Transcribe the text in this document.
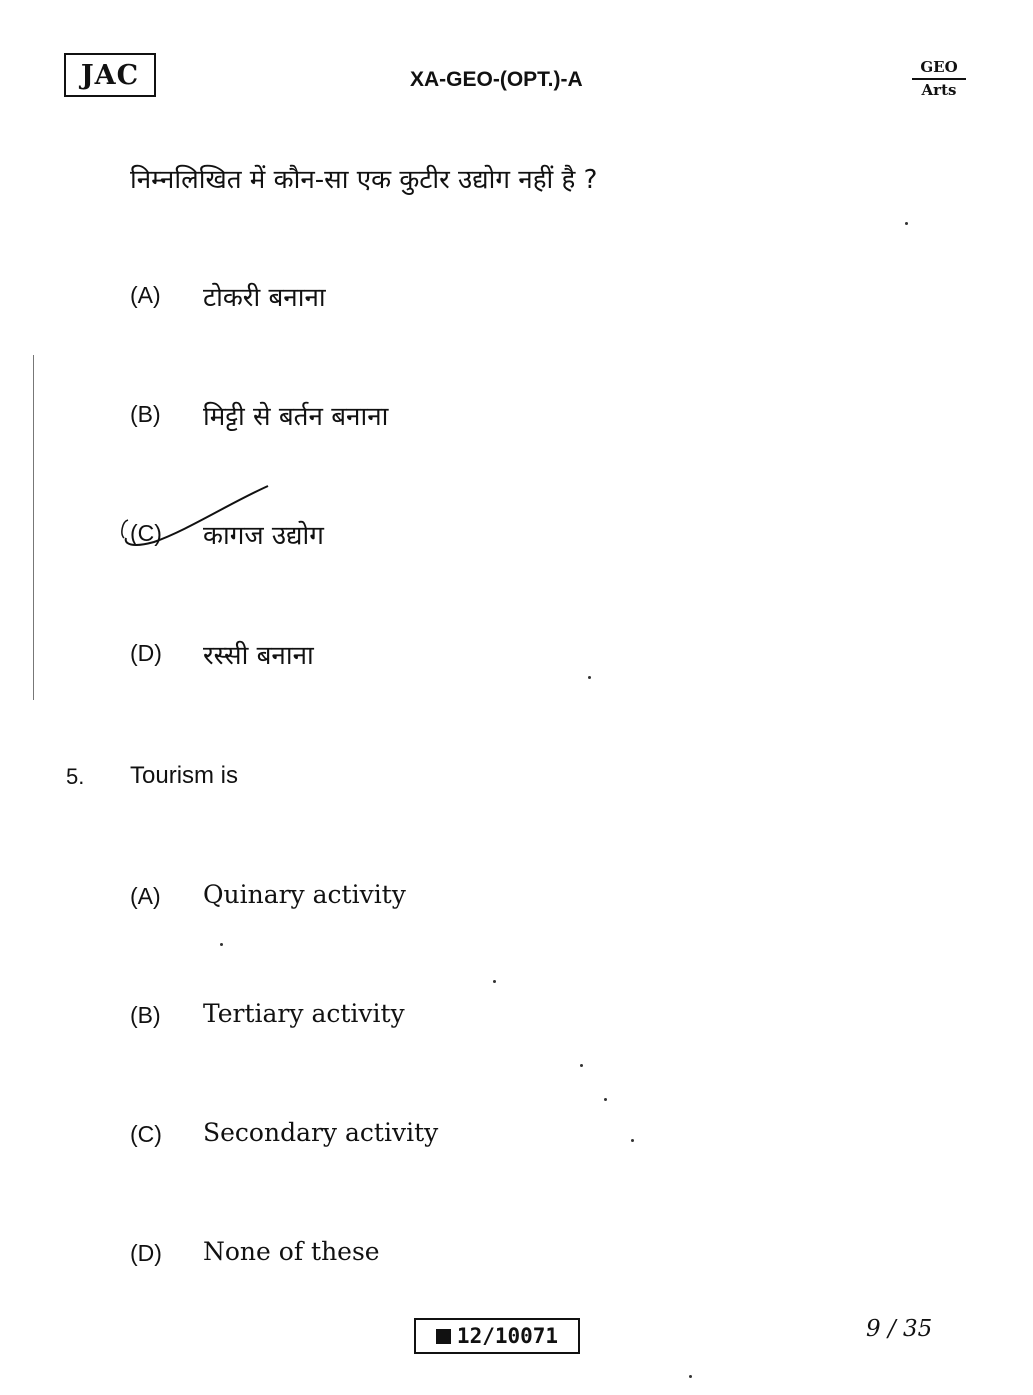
JAC	XA-GEO-(OPT.)-A
GEO
Arts
निम्नलिखित में कौन-सा एक कुटीर उद्योग नहीं है ?
(A) टोकरी बनाना
(B) मिट्टी से बर्तन बनाना
(C) कागज उद्योग
(D) रस्सी बनाना
5. Tourism is
(A) Quinary activity
(B) Tertiary activity
(C) Secondary activity
(D) None of these
12/10071	9 / 35
